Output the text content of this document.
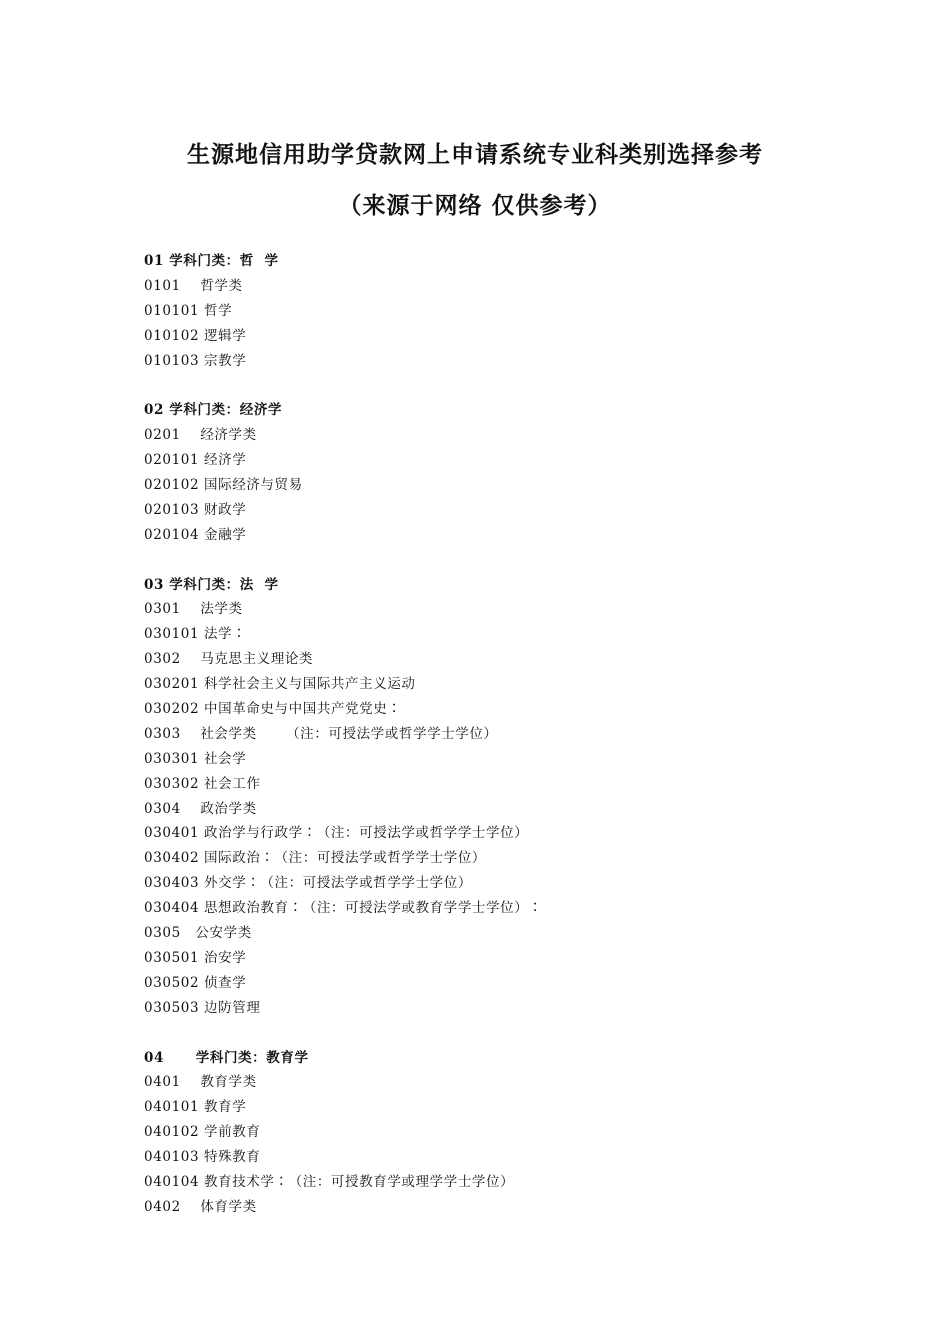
生源地信用助学贷款网上申请系统专业科类别选择参考
（来源于网络 仅供参考）
01 学科门类：哲  学
0101    哲学类
010101 哲学
010102 逻辑学
010103 宗教学
02 学科门类：经济学
0201    经济学类
020101 经济学
020102 国际经济与贸易
020103 财政学
020104 金融学
03 学科门类：法  学
0301    法学类
030101 法学∶
0302    马克思主义理论类
030201 科学社会主义与国际共产主义运动
030202 中国革命史与中国共产党党史∶
0303    社会学类      （注：可授法学或哲学学士学位）
030301 社会学
030302 社会工作
0304    政治学类
030401 政治学与行政学∶（注：可授法学或哲学学士学位）
030402 国际政治∶（注：可授法学或哲学学士学位）
030403 外交学∶（注：可授法学或哲学学士学位）
030404 思想政治教育∶（注：可授法学或教育学学士学位）∶
0305   公安学类
030501 治安学
030502 侦查学
030503 边防管理
04      学科门类：教育学
0401    教育学类
040101 教育学
040102 学前教育
040103 特殊教育
040104 教育技术学∶（注：可授教育学或理学学士学位）
0402    体育学类
